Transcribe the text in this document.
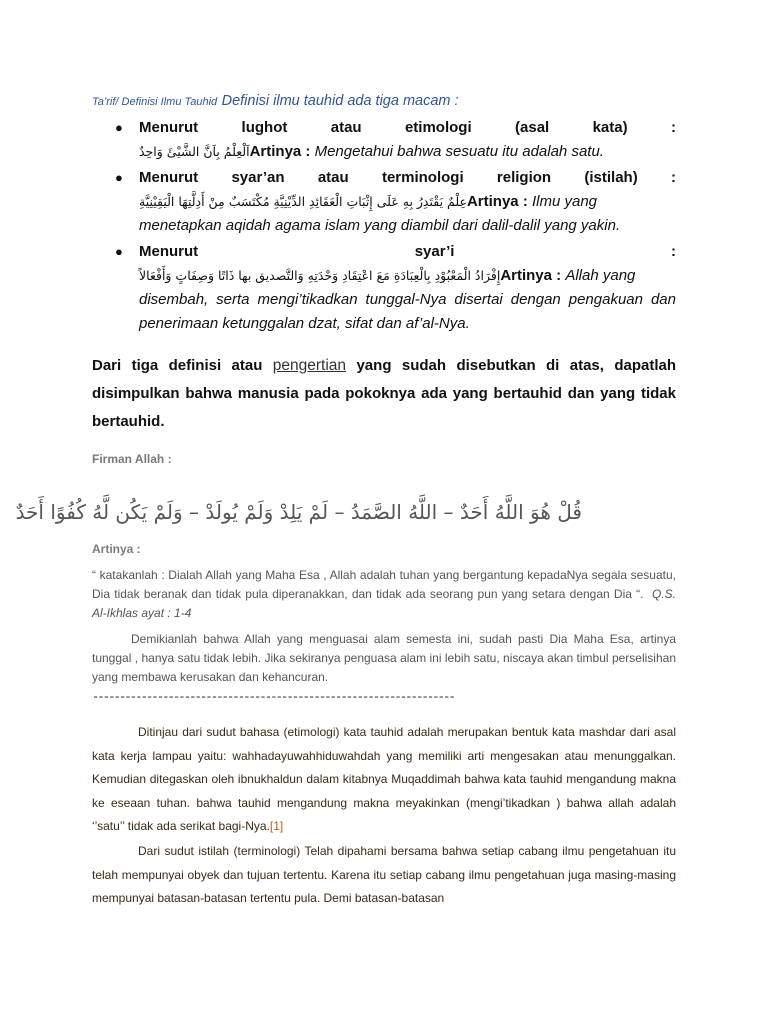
Ta’rif/ Definisi Ilmu Tauhid Definisi ilmu tauhid ada tiga macam :
● Menurut	lughot	atau	etimologi	(asal	kata)	:
اَلْعِلْمُ بِاَنَّ الشَّيْئَ وَاحِدٌArtinya : Mengetahui bahwa sesuatu itu adalah satu.
● Menurut syar’an atau terminologi religion (istilah) :
عِلْمٌ يَقْتَدِرُ بِهِ عَلَى إِثْبَاتِ الْعَقَائِدِ الدِّيْنِيَّةِ مُكْتَسَبٌ مِنْ أَدِلَّتِهَا الْيَقِيْنِيَّةِArtinya : Ilmu yang
menetapkan aqidah agama islam yang diambil dari dalil-dalil yang yakin.
● Menurut	syar’i	:
إِفْرَادُ الْمَعْبُوْدِ بِالْعِبَادَةِ مَعَ اعْتِقَادِ وَحْدَتِهِ وَالتَّصديق بها ذَاتًا وَصِفَاتٍ وَأَفْعَالاًArtinya : Allah yang
disembah, serta mengi’tikadkan tunggal-Nya disertai dengan pengakuan dan penerimaan ketunggalan dzat, sifat dan af’al-Nya.
Dari tiga definisi atau pengertian yang sudah disebutkan di atas, dapatlah disimpulkan bahwa manusia pada pokoknya ada yang bertauhid dan yang tidak bertauhid.
Firman Allah :
قُلْ هُوَ اللَّهُ أَحَدٌ – اللَّهُ الصَّمَدُ – لَمْ يَلِدْ وَلَمْ يُولَدْ – وَلَمْ يَكُن لَّهُ كُفُوًا أَحَدٌ
Artinya :
“ katakanlah : Dialah Allah yang Maha Esa , Allah adalah tuhan yang bergantung kepadaNya segala sesuatu, Dia tidak beranak dan tidak pula diperanakkan, dan tidak ada seorang pun yang setara dengan Dia “. Q.S. Al-Ikhlas ayat : 1-4
Demikianlah bahwa Allah yang menguasai alam semesta ini, sudah pasti Dia Maha Esa, artinya tunggal , hanya satu tidak lebih. Jika sekiranya penguasa alam ini lebih satu, niscaya akan timbul perselisihan yang membawa kerusakan dan kehancuran.
-------------------------------------------------------------------
Ditinjau dari sudut bahasa (etimologi) kata tauhid adalah merupakan bentuk kata mashdar dari asal kata kerja lampau yaitu: wahhadayuwahhiduwahdah yang memiliki arti mengesakan atau menunggalkan. Kemudian ditegaskan oleh ibnukhaldun dalam kitabnya Muqaddimah bahwa kata tauhid mengandung makna ke eseaan tuhan. bahwa tauhid mengandung makna meyakinkan (mengi’tikadkan ) bahwa allah adalah ‘’satu’’ tidak ada serikat bagi-Nya.[1]
Dari sudut istilah (terminologi) Telah dipahami bersama bahwa setiap cabang ilmu pengetahuan itu telah mempunyai obyek dan tujuan tertentu. Karena itu setiap cabang ilmu pengetahuan juga masing-masing mempunyai batasan-batasan tertentu pula. Demi batasan-batasan
